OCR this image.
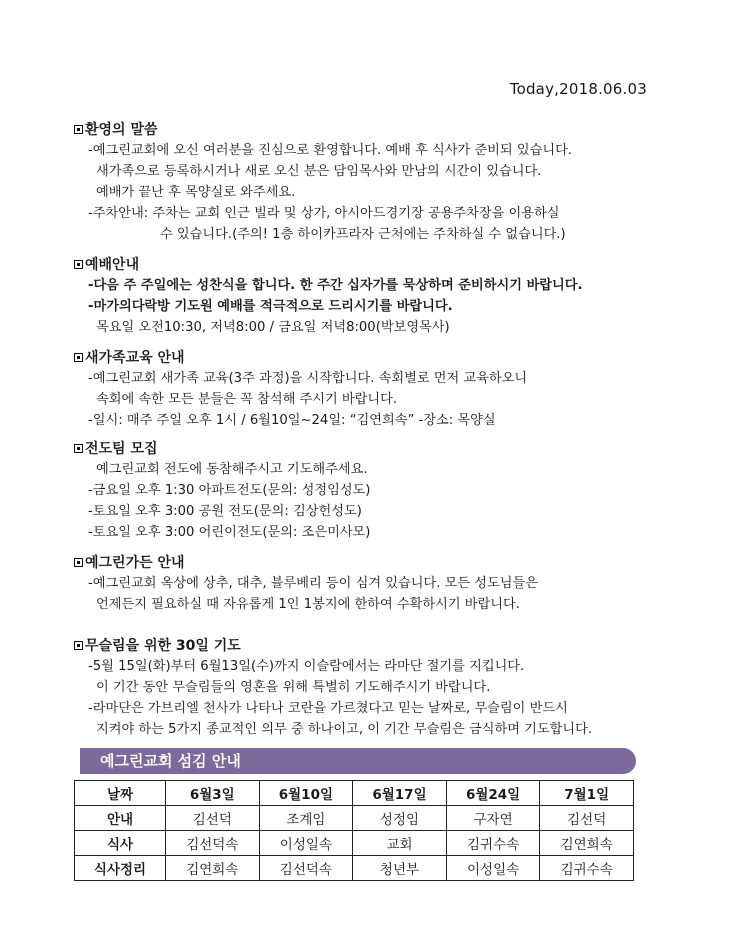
Today,2018.06.03
환영의 말씀
-예그린교회에 오신 여러분을 진심으로 환영합니다. 예배 후 식사가 준비되 있습니다.
새가족으로 등록하시거나 새로 오신 분은 담임목사와 만남의 시간이 있습니다.
예배가 끝난 후 목양실로 와주세요.
-주차안내: 주차는 교회 인근 빌라 및 상가, 아시아드경기장 공용주차장을 이용하실
수 있습니다.(주의! 1층 하이카프라자 근처에는 주차하실 수 없습니다.)
예배안내
-다음 주 주일에는 성찬식을 합니다. 한 주간 십자가를 묵상하며 준비하시기 바랍니다.
-마가의다락방 기도원 예배를 적극적으로 드리시기를 바랍니다.
목요일 오전10:30, 저녁8:00 / 금요일 저녁8:00(박보영목사)
새가족교육 안내
-예그린교회 새가족 교육(3주 과정)을 시작합니다. 속회별로 먼저 교육하오니
속회에 속한 모든 분들은 꼭 참석해 주시기 바랍니다.
-일시: 매주 주일 오후 1시 / 6월10일~24일: “김연희속” -장소: 목양실
전도팀 모집
예그린교회 전도에 동참해주시고 기도해주세요.
-금요일 오후 1:30 아파트전도(문의: 성정임성도)
-토요일 오후 3:00 공원 전도(문의: 김상헌성도)
-토요일 오후 3:00 어린이전도(문의: 조은미사모)
예그린가든 안내
-예그린교회 옥상에 상추, 대추, 블루베리 등이 심겨 있습니다. 모든 성도님들은
언제든지 필요하실 때 자유롭게 1인 1봉지에 한하여 수확하시기 바랍니다.
무슬림을 위한 30일 기도
-5월 15일(화)부터 6월13일(수)까지 이슬람에서는 라마단 절기를 지킵니다.
이 기간 동안 무슬림들의 영혼을 위해 특별히 기도해주시기 바랍니다.
-라마단은 가브리엘 천사가 나타나 코란을 가르쳤다고 믿는 날짜로, 무슬림이 반드시
지켜야 하는 5가지 종교적인 의무 중 하나이고, 이 기간 무슬림은 금식하며 기도합니다.
예그린교회 섬김 안내
날짜	6월3일	6월10일	6월17일	6월24일	7월1일
안내	김선덕	조계임	성정임	구자연	김선덕
식사	김선덕속	이성일속	교회	김귀수속	김연희속
식사정리	김연희속	김선덕속	청년부	이성일속	김귀수속
